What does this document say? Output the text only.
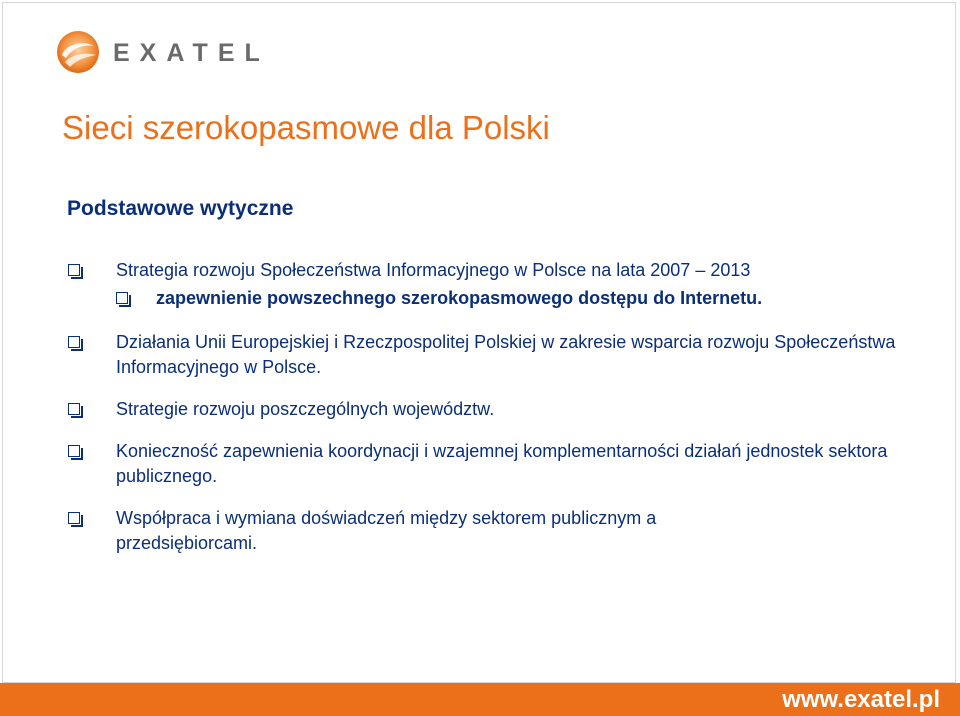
EXATEL
Sieci szerokopasmowe dla Polski
Podstawowe wytyczne
Strategia rozwoju Społeczeństwa Informacyjnego w Polsce na lata 2007 – 2013
zapewnienie powszechnego szerokopasmowego dostępu do Internetu.
Działania Unii Europejskiej i Rzeczpospolitej Polskiej w zakresie wsparcia rozwoju Społeczeństwa Informacyjnego w Polsce.
Strategie rozwoju poszczególnych województw.
Konieczność zapewnienia koordynacji i wzajemnej komplementarności działań jednostek sektora publicznego.
Współpraca i wymiana doświadczeń między sektorem publicznym a przedsiębiorcami.
www.exatel.pl
